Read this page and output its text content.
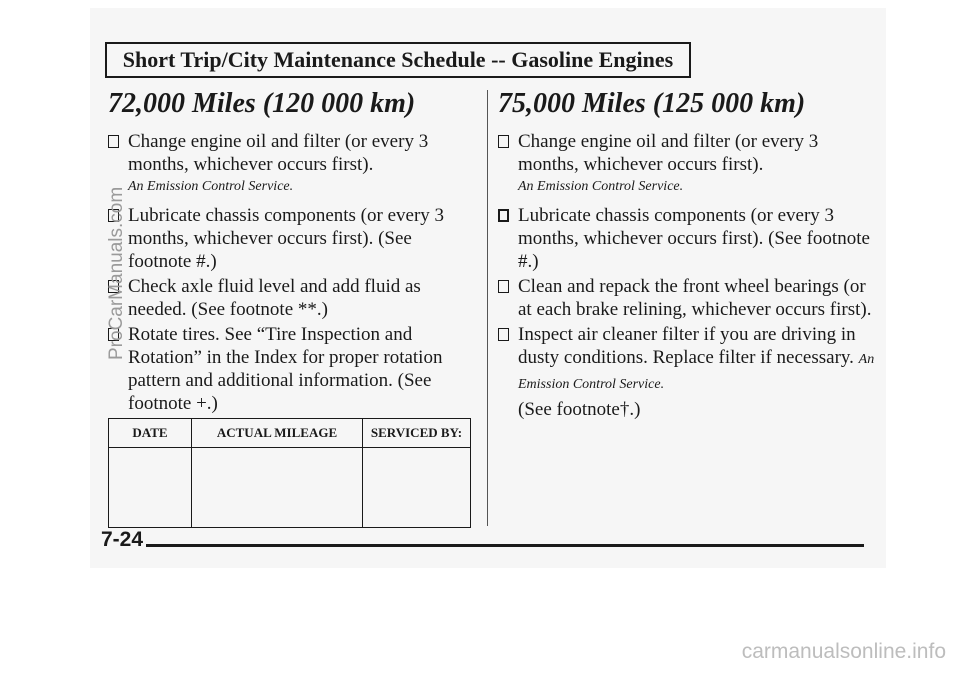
Short Trip/City Maintenance Schedule -- Gasoline Engines
72,000 Miles (120 000 km)
Change engine oil and filter (or every 3 months, whichever occurs first).
An Emission Control Service.
Lubricate chassis components (or every 3 months, whichever occurs first). (See footnote #.)
Check axle fluid level and add fluid as needed. (See footnote **.)
Rotate tires. See “Tire Inspection and Rotation” in the Index for proper rotation pattern and additional information. (See footnote +.)
75,000 Miles (125 000 km)
Change engine oil and filter (or every 3 months, whichever occurs first).
An Emission Control Service.
Lubricate chassis components (or every 3 months, whichever occurs first). (See footnote #.)
Clean and repack the front wheel bearings (or at each brake relining, whichever occurs first).
Inspect air cleaner filter if you are driving in dusty conditions. Replace filter if necessary. An Emission Control Service.
(See footnote†.)
DATE	ACTUAL MILEAGE	SERVICED BY:

7-24
ProCarManuals.com
carmanualsonline.info
